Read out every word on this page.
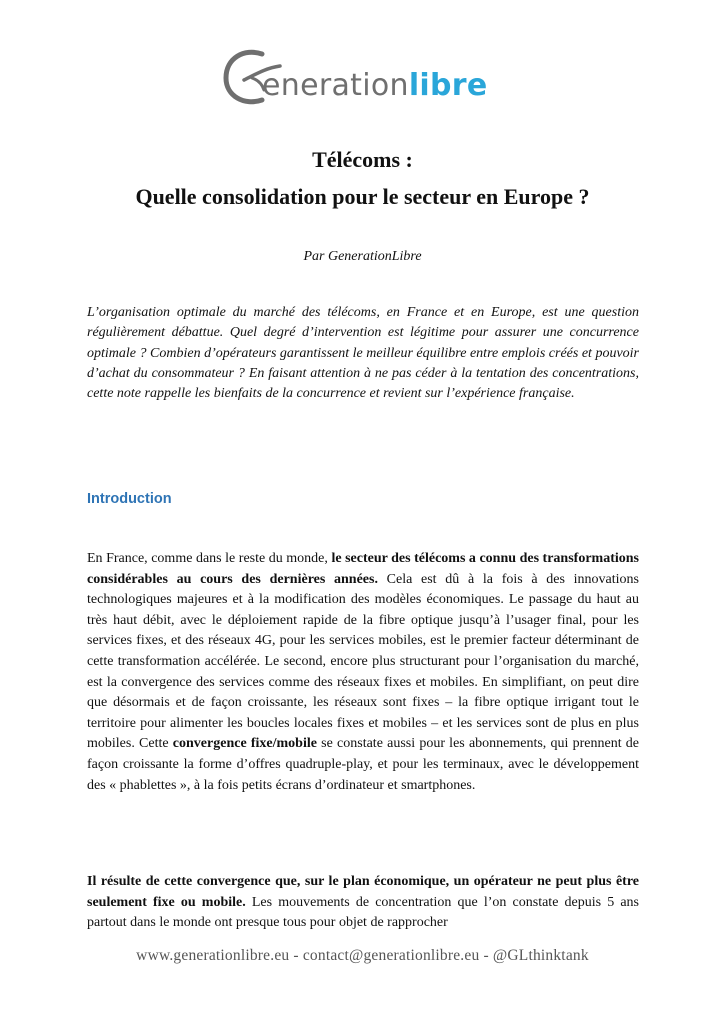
enerationlibre
Télécoms :
Quelle consolidation pour le secteur en Europe ?
Par GenerationLibre

L’organisation optimale du marché des télécoms, en France et en Europe, est une question régulièrement débattue. Quel degré d’intervention est légitime pour assurer une concurrence optimale ? Combien d’opérateurs garantissent le meilleur équilibre entre emplois créés et pouvoir d’achat du consommateur ? En faisant attention à ne pas céder à la tentation des concentrations, cette note rappelle les bienfaits de la concurrence et revient sur l’expérience française.

Introduction

En France, comme dans le reste du monde, le secteur des télécoms a connu des transformations considérables au cours des dernières années. Cela est dû à la fois à des innovations technologiques majeures et à la modification des modèles économiques. Le passage du haut au très haut débit, avec le déploiement rapide de la fibre optique jusqu’à l’usager final, pour les services fixes, et des réseaux 4G, pour les services mobiles, est le premier facteur déterminant de cette transformation accélérée. Le second, encore plus structurant pour l’organisation du marché, est la convergence des services comme des réseaux fixes et mobiles. En simplifiant, on peut dire que désormais et de façon croissante, les réseaux sont fixes – la fibre optique irrigant tout le territoire pour alimenter les boucles locales fixes et mobiles – et les services sont de plus en plus mobiles. Cette convergence fixe/mobile se constate aussi pour les abonnements, qui prennent de façon croissante la forme d’offres quadruple-play, et pour les terminaux, avec le développement des « phablettes », à la fois petits écrans d’ordinateur et smartphones.

Il résulte de cette convergence que, sur le plan économique, un opérateur ne peut plus être seulement fixe ou mobile. Les mouvements de concentration que l’on constate depuis 5 ans partout dans le monde ont presque tous pour objet de rapprocher

www.generationlibre.eu - contact@generationlibre.eu - @GLthinktank
